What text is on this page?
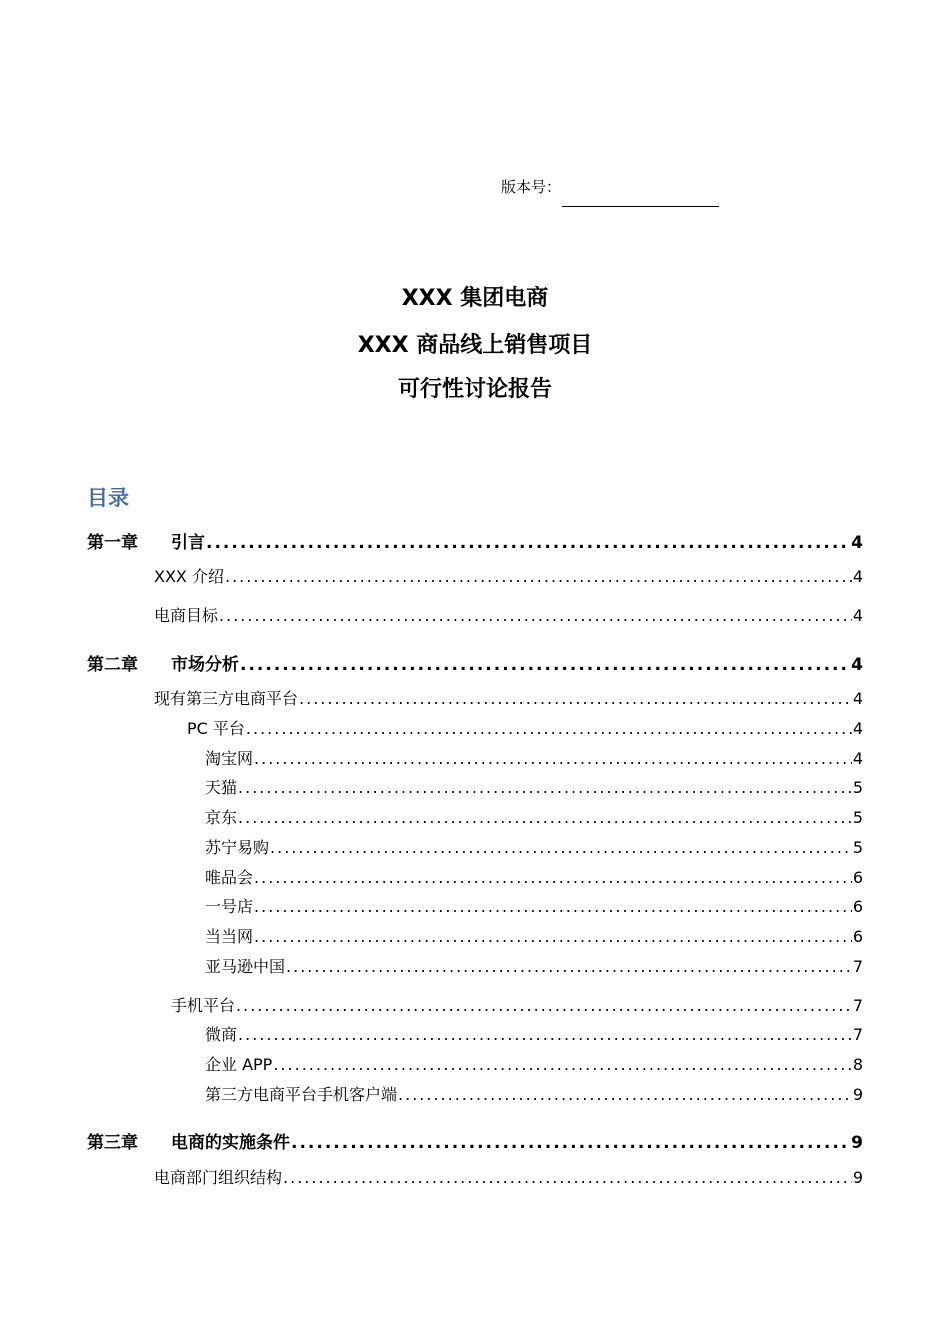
版本号：
XXX 集团电商
XXX 商品线上销售项目
可行性讨论报告
目录
第一章 引言 .....	4
XXX 介绍 .....	4
电商目标 .....	4
第二章 市场分析 .....	4
现有第三方电商平台 .....	4
PC 平台 .....	4
淘宝网 .....	4
天猫 .....	5
京东 .....	5
苏宁易购 .....	5
唯品会 .....	6
一号店 .....	6
当当网 .....	6
亚马逊中国 .....	7
手机平台 .....	7
微商 .....	7
企业 APP .....	8
第三方电商平台手机客户端 .....	9
第三章 电商的实施条件 .....	9
电商部门组织结构 .....	9
